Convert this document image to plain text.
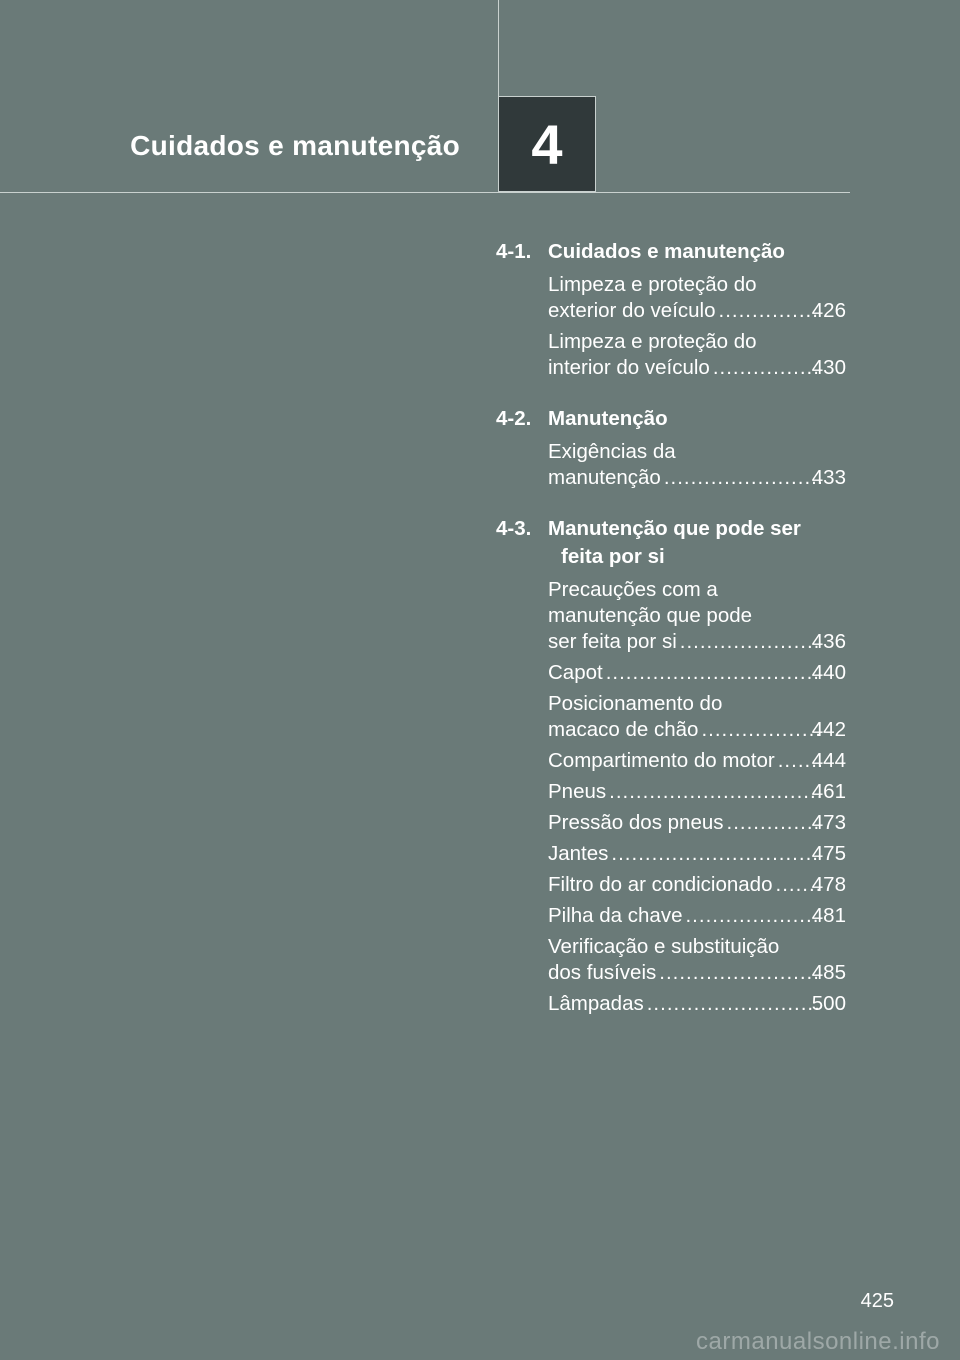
Cuidados e manutenção 4
4-1. Cuidados e manutenção
Limpeza e proteção do
exterior do veículo .....	426
Limpeza e proteção do
interior do veículo .....	430
4-2. Manutenção
Exigências da
manutenção .....	433
4-3. Manutenção que pode ser feita por si
Precauções com a
manutenção que pode
ser feita por si .....	436
Capot .....	440
Posicionamento do
macaco de chão .....	442
Compartimento do motor ..... 444
Pneus .....	461
Pressão dos pneus .....	473
Jantes .....	475
Filtro do ar condicionado ..... 478
Pilha da chave .....	481
Verificação e substituição
dos fusíveis .....	485
Lâmpadas .....	500
425
carmanualsonline.info
